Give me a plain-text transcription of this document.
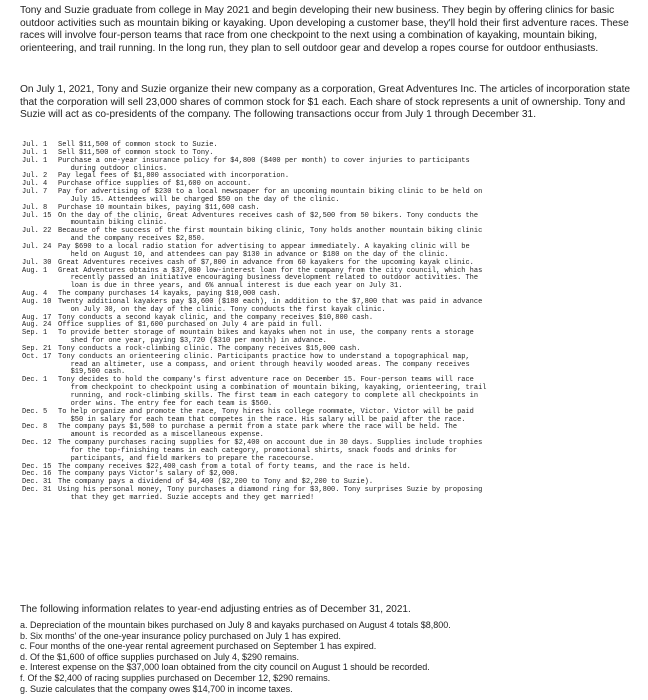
Tony and Suzie graduate from college in May 2021 and begin developing their new business. They begin by offering clinics for basic outdoor activities such as mountain biking or kayaking. Upon developing a customer base, they'll hold their first adventure races. These races will involve four-person teams that race from one checkpoint to the next using a combination of kayaking, mountain biking, orienteering, and trail running. In the long run, they plan to sell outdoor gear and develop a ropes course for outdoor enthusiasts.

On July 1, 2021, Tony and Suzie organize their new company as a corporation, Great Adventures Inc. The articles of incorporation state that the corporation will sell 23,000 shares of common stock for $1 each. Each share of stock represents a unit of ownership. Tony and Suzie will act as co-presidents of the company. The following transactions occur from July 1 through December 31.

Jul. 1	Sell $11,500 of common stock to Suzie.
Jul. 1	Sell $11,500 of common stock to Tony.
Jul. 1	Purchase a one-year insurance policy for $4,800 ($400 per month) to cover injuries to participants
during outdoor clinics.
Jul. 2	Pay legal fees of $1,800 associated with incorporation.
Jul. 4	Purchase office supplies of $1,600 on account.
Jul. 7	Pay for advertising of $230 to a local newspaper for an upcoming mountain biking clinic to be held on
July 15. Attendees will be charged $50 on the day of the clinic.
Jul. 8	Purchase 10 mountain bikes, paying $11,600 cash.
Jul. 15 On the day of the clinic, Great Adventures receives cash of $2,500 from 50 bikers. Tony conducts the
mountain biking clinic.
Jul. 22 Because of the success of the first mountain biking clinic, Tony holds another mountain biking clinic
and the company receives $2,850.
Jul. 24 Pay $690 to a local radio station for advertising to appear immediately. A kayaking clinic will be
held on August 10, and attendees can pay $130 in advance or $180 on the day of the clinic.
Jul. 30 Great Adventures receives cash of $7,800 in advance from 60 kayakers for the upcoming kayak clinic.
Aug. 1	Great Adventures obtains a $37,000 low-interest loan for the company from the city council, which has
recently passed an initiative encouraging business development related to outdoor activities. The
loan is due in three years, and 6% annual interest is due each year on July 31.
Aug. 4	The company purchases 14 kayaks, paying $10,000 cash.
Aug. 10 Twenty additional kayakers pay $3,600 ($180 each), in addition to the $7,800 that was paid in advance
on July 30, on the day of the clinic. Tony conducts the first kayak clinic.
Aug. 17 Tony conducts a second kayak clinic, and the company receives $10,800 cash.
Aug. 24 Office supplies of $1,600 purchased on July 4 are paid in full.
Sep. 1	To provide better storage of mountain bikes and kayaks when not in use, the company rents a storage
shed for one year, paying $3,720 ($310 per month) in advance.
Sep. 21 Tony conducts a rock-climbing clinic. The company receives $15,000 cash.
Oct. 17 Tony conducts an orienteering clinic. Participants practice how to understand a topographical map,
read an altimeter, use a compass, and orient through heavily wooded areas. The company receives
$19,500 cash.
Dec. 1	Tony decides to hold the company's first adventure race on December 15. Four-person teams will race
from checkpoint to checkpoint using a combination of mountain biking, kayaking, orienteering, trail
running, and rock-climbing skills. The first team in each category to complete all checkpoints in
order wins. The entry fee for each team is $560.
Dec. 5	To help organize and promote the race, Tony hires his college roommate, Victor. Victor will be paid
$50 in salary for each team that competes in the race. His salary will be paid after the race.
Dec. 8	The company pays $1,500 to purchase a permit from a state park where the race will be held. The
amount is recorded as a miscellaneous expense.
Dec. 12 The company purchases racing supplies for $2,400 on account due in 30 days. Supplies include trophies
for the top-finishing teams in each category, promotional shirts, snack foods and drinks for
participants, and field markers to prepare the racecourse.
Dec. 15 The company receives $22,400 cash from a total of forty teams, and the race is held.
Dec. 16 The company pays Victor's salary of $2,000.
Dec. 31 The company pays a dividend of $4,400 ($2,200 to Tony and $2,200 to Suzie).
Dec. 31 Using his personal money, Tony purchases a diamond ring for $3,800. Tony surprises Suzie by proposing
that they get married. Suzie accepts and they get married!

The following information relates to year-end adjusting entries as of December 31, 2021.

a. Depreciation of the mountain bikes purchased on July 8 and kayaks purchased on August 4 totals $8,800.
b. Six months' of the one-year insurance policy purchased on July 1 has expired.
c. Four months of the one-year rental agreement purchased on September 1 has expired.
d. Of the $1,600 of office supplies purchased on July 4, $290 remains.
e. Interest expense on the $37,000 loan obtained from the city council on August 1 should be recorded.
f. Of the $2,400 of racing supplies purchased on December 12, $290 remains.
g. Suzie calculates that the company owes $14,700 in income taxes.
